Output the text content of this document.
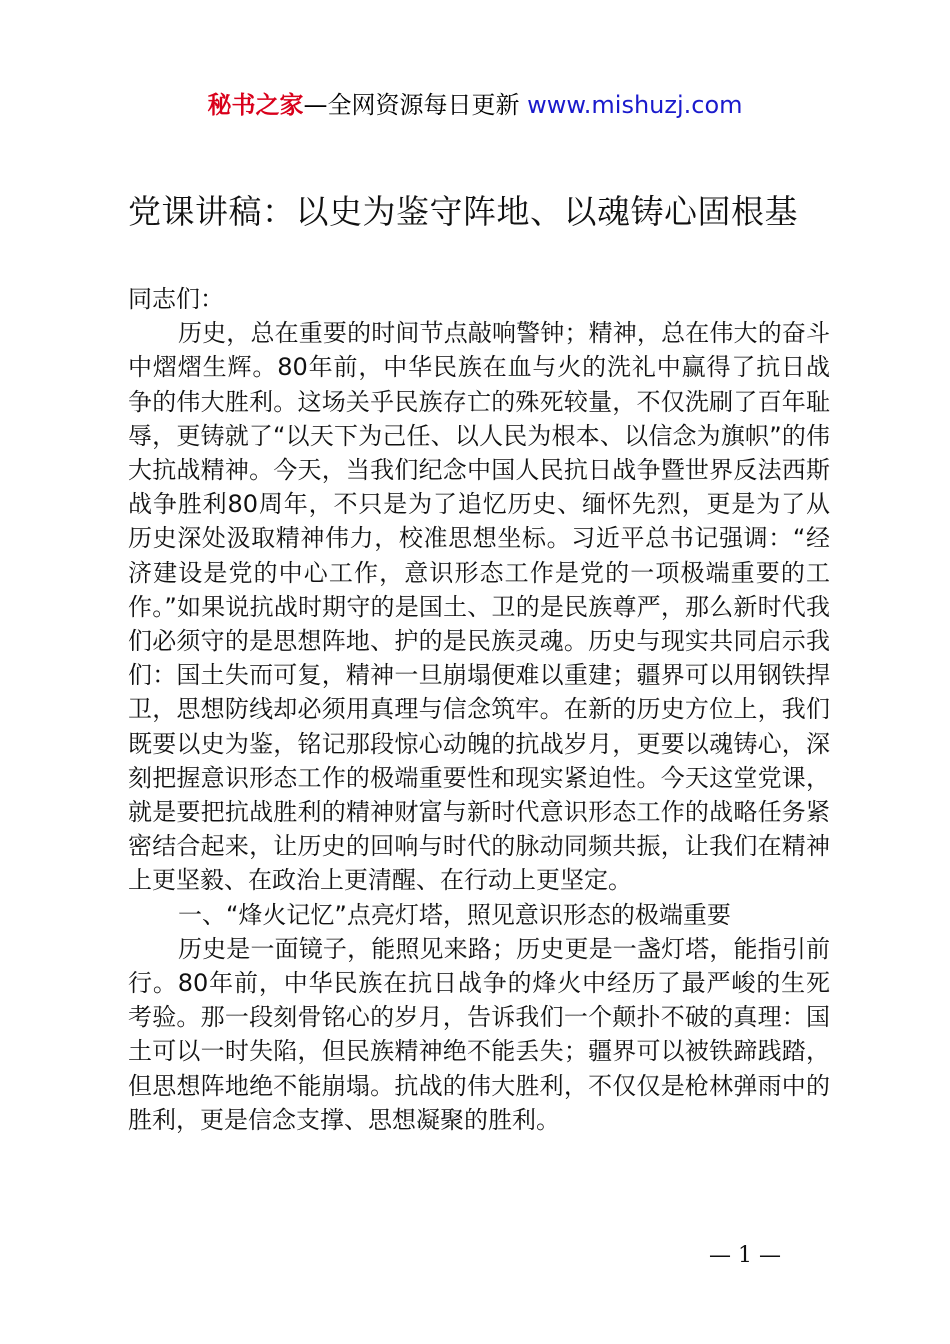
秘书之家—全网资源每日更新 www.mishuzj.com
党课讲稿：以史为鉴守阵地、以魂铸心固根基

同志们：

历史，总在重要的时间节点敲响警钟；精神，总在伟大的奋斗中熠熠生辉。80年前，中华民族在血与火的洗礼中赢得了抗日战争的伟大胜利。这场关乎民族存亡的殊死较量，不仅洗刷了百年耻辱，更铸就了“以天下为己任、以人民为根本、以信念为旗帜”的伟大抗战精神。今天，当我们纪念中国人民抗日战争暨世界反法西斯战争胜利80周年，不只是为了追忆历史、缅怀先烈，更是为了从历史深处汲取精神伟力，校准思想坐标。习近平总书记强调：“经济建设是党的中心工作，意识形态工作是党的一项极端重要的工作。”如果说抗战时期守的是国土、卫的是民族尊严，那么新时代我们必须守的是思想阵地、护的是民族灵魂。历史与现实共同启示我们：国土失而可复，精神一旦崩塌便难以重建；疆界可以用钢铁捍卫，思想防线却必须用真理与信念筑牢。在新的历史方位上，我们既要以史为鉴，铭记那段惊心动魄的抗战岁月，更要以魂铸心，深刻把握意识形态工作的极端重要性和现实紧迫性。今天这堂党课，就是要把抗战胜利的精神财富与新时代意识形态工作的战略任务紧密结合起来，让历史的回响与时代的脉动同频共振，让我们在精神上更坚毅、在政治上更清醒、在行动上更坚定。

一、“烽火记忆”点亮灯塔，照见意识形态的极端重要

历史是一面镜子，能照见来路；历史更是一盏灯塔，能指引前行。80年前，中华民族在抗日战争的烽火中经历了最严峻的生死考验。那一段刻骨铭心的岁月，告诉我们一个颠扑不破的真理：国土可以一时失陷，但民族精神绝不能丢失；疆界可以被铁蹄践踏，但思想阵地绝不能崩塌。抗战的伟大胜利，不仅仅是枪林弹雨中的胜利，更是信念支撑、思想凝聚的胜利。

— 1 —
